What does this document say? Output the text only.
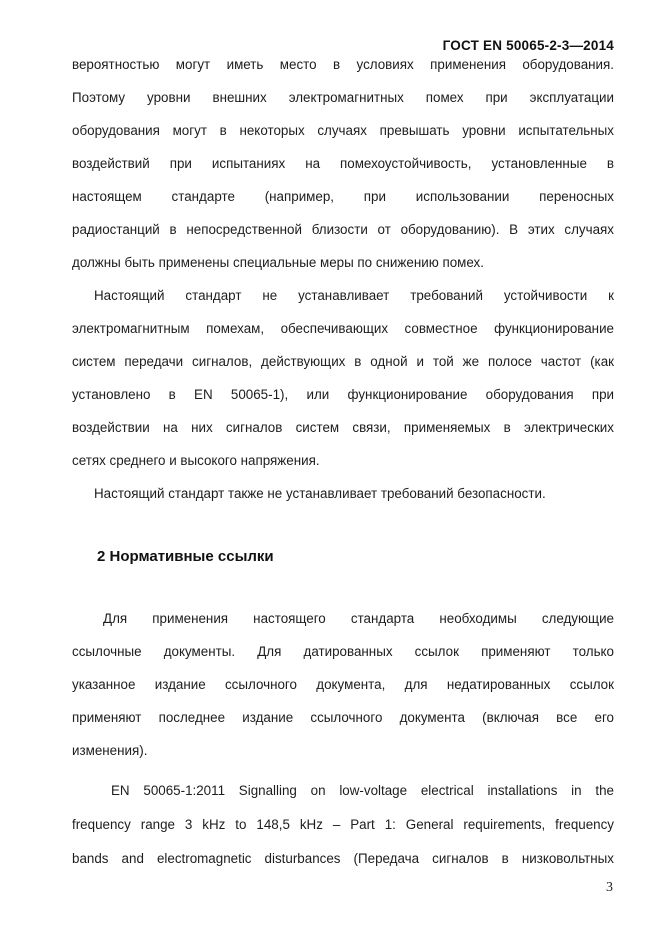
ГОСТ EN 50065-2-3—2014
вероятностью могут иметь место в условиях применения оборудования.
Поэтому уровни внешних электромагнитных помех при эксплуатации
оборудования могут в некоторых случаях превышать уровни испытательных
воздействий при испытаниях на помехоустойчивость, установленные в
настоящем стандарте (например, при использовании переносных
радиостанций в непосредственной близости от оборудованию). В этих случаях
должны быть применены специальные меры по снижению помех.
Настоящий стандарт не устанавливает требований устойчивости к
электромагнитным помехам, обеспечивающих совместное функционирование
систем передачи сигналов, действующих в одной и той же полосе частот (как
установлено в EN 50065-1), или функционирование оборудования при
воздействии на них сигналов систем связи, применяемых в электрических
сетях среднего и высокого напряжения.
Настоящий стандарт также не устанавливает требований безопасности.
2 Нормативные ссылки
Для применения настоящего стандарта необходимы следующие
ссылочные документы. Для датированных ссылок применяют только
указанное издание ссылочного документа, для недатированных ссылок
применяют последнее издание ссылочного документа (включая все его
изменения).
EN 50065-1:2011 Signalling on low-voltage electrical installations in the
frequency range 3 kHz to 148,5 kHz – Part 1: General requirements, frequency
bands and electromagnetic disturbances (Передача сигналов в низковольтных
3
